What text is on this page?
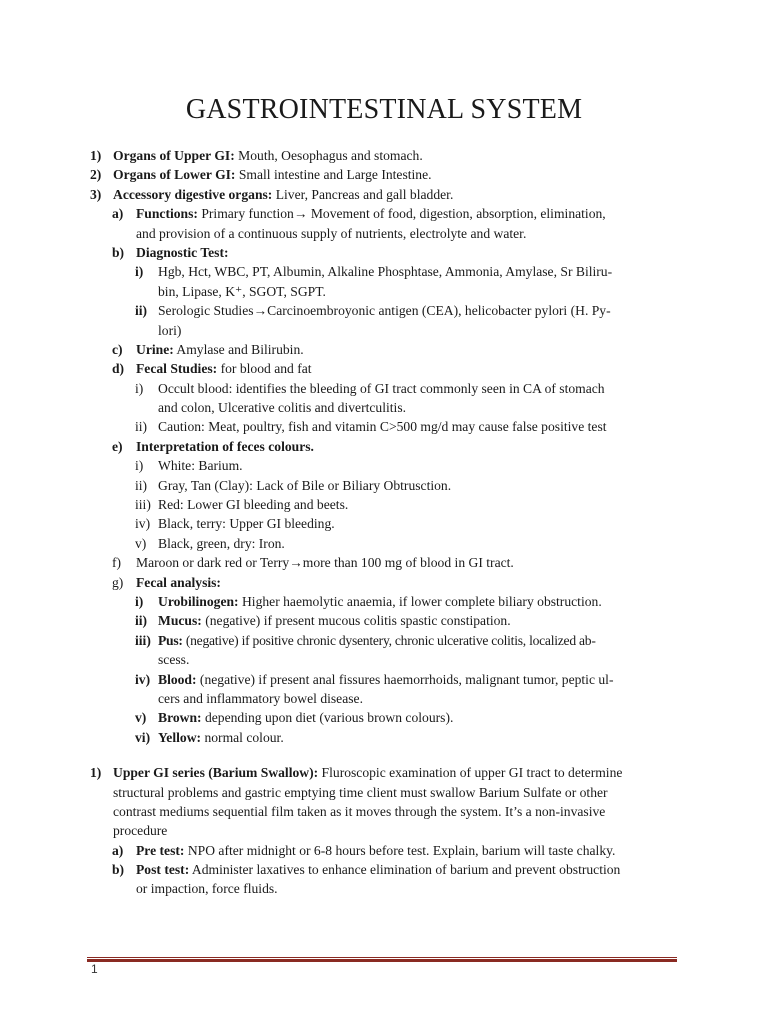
GASTROINTESTINAL SYSTEM
1) Organs of Upper GI: Mouth, Oesophagus and stomach.
2) Organs of Lower GI: Small intestine and Large Intestine.
3) Accessory digestive organs: Liver, Pancreas and gall bladder.
a) Functions: Primary function→ Movement of food, digestion, absorption, elimination,
and provision of a continuous supply of nutrients, electrolyte and water.
b) Diagnostic Test:
i) Hgb, Hct, WBC, PT, Albumin, Alkaline Phosphtase, Ammonia, Amylase, Sr Biliru-
bin, Lipase, K⁺, SGOT, SGPT.
ii) Serologic Studies→Carcinoembroyonic antigen (CEA), helicobacter pylori (H. Py-
lori)
c) Urine: Amylase and Bilirubin.
d) Fecal Studies: for blood and fat
i) Occult blood: identifies the bleeding of GI tract commonly seen in CA of stomach
and colon, Ulcerative colitis and divertculitis.
ii) Caution: Meat, poultry, fish and vitamin C>500 mg/d may cause false positive test
e) Interpretation of feces colours.
i) White: Barium.
ii) Gray, Tan (Clay): Lack of Bile or Biliary Obtrusction.
iii) Red: Lower GI bleeding and beets.
iv) Black, terry: Upper GI bleeding.
v) Black, green, dry: Iron.
f) Maroon or dark red or Terry→more than 100 mg of blood in GI tract.
g) Fecal analysis:
i) Urobilinogen: Higher haemolytic anaemia, if lower complete biliary obstruction.
ii) Mucus: (negative) if present mucous colitis spastic constipation.
iii) Pus: (negative) if positive chronic dysentery, chronic ulcerative colitis, localized ab-
scess.
iv) Blood: (negative) if present anal fissures haemorrhoids, malignant tumor, peptic ul-
cers and inflammatory bowel disease.
v) Brown: depending upon diet (various brown colours).
vi) Yellow: normal colour.
1) Upper GI series (Barium Swallow): Fluroscopic examination of upper GI tract to determine
structural problems and gastric emptying time client must swallow Barium Sulfate or other
contrast mediums sequential film taken as it moves through the system. It’s a non-invasive
procedure
a) Pre test: NPO after midnight or 6-8 hours before test. Explain, barium will taste chalky.
b) Post test: Administer laxatives to enhance elimination of barium and prevent obstruction
or impaction, force fluids.
1
